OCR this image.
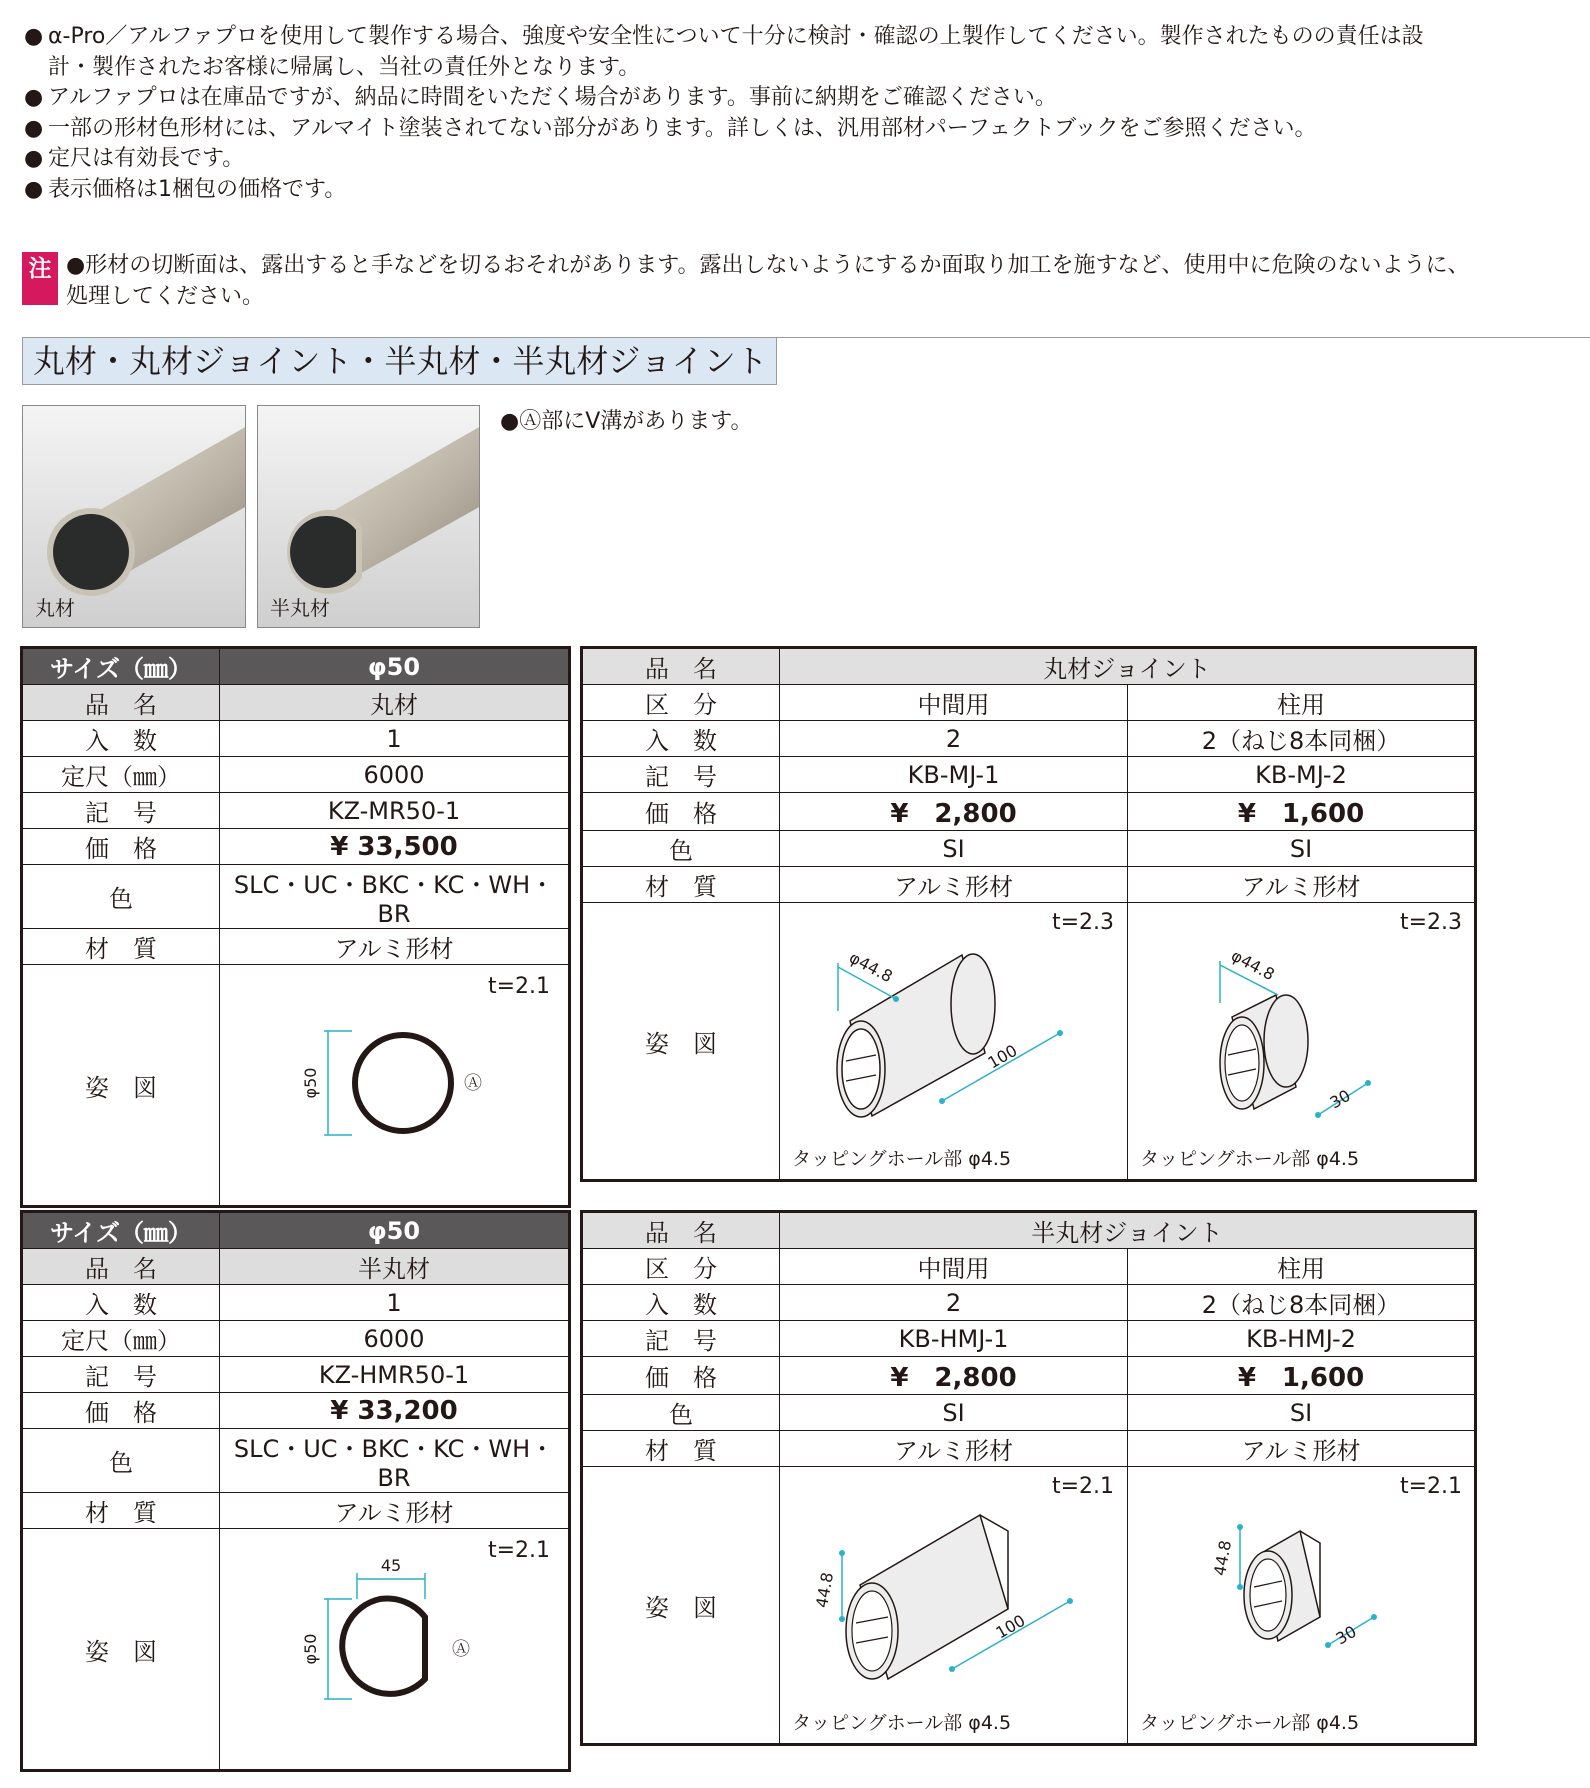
● α-Pro／アルファプロを使用して製作する場合、強度や安全性について十分に検討・確認の上製作してください。製作されたものの責任は設計・製作されたお客様に帰属し、当社の責任外となります。
● アルファプロは在庫品ですが、納品に時間をいただく場合があります。事前に納期をご確認ください。
● 一部の形材色形材には、アルマイト塗装されてない部分があります。詳しくは、汎用部材パーフェクトブックをご参照ください。
● 定尺は有効長です。
● 表示価格は1梱包の価格です。
注 ●形材の切断面は、露出すると手などを切るおそれがあります。露出しないようにするか面取り加工を施すなど、使用中に危険のないように、処理してください。
丸材・丸材ジョイント・半丸材・半丸材ジョイント
丸材	半丸材
●Ⓐ部にV溝があります。
サイズ（㎜）	φ50
品　名	丸材
入　数	1
定尺（㎜）	6000
記　号	KZ-MR50-1
価　格	¥ 33,500
色	SLC・UC・BKC・KC・WH・BR
材　質	アルミ形材
姿　図	t=2.1
φ50 Ⓐ
品　名	丸材ジョイント	
区　分	中間用	柱用
入　数	2	2（ねじ8本同梱）
記　号	KB-MJ-1	KB-MJ-2
価　格	¥　2,800	¥　1,600
色	SI	SI
材　質	アルミ形材	アルミ形材
姿　図	t=2.3
φ44.8
100
タッピングホール部 φ4.5	t=2.3
φ44.8
30
タッピングホール部 φ4.5
サイズ（㎜）	φ50
品　名	半丸材
入　数	1
定尺（㎜）	6000
記　号	KZ-HMR50-1
価　格	¥ 33,200
色	SLC・UC・BKC・KC・WH・BR
材　質	アルミ形材
姿　図	t=2.1
45
φ50 Ⓐ
品　名	半丸材ジョイント	
区　分	中間用	柱用
入　数	2	2（ねじ8本同梱）
記　号	KB-HMJ-1	KB-HMJ-2
価　格	¥　2,800	¥　1,600
色	SI	SI
材　質	アルミ形材	アルミ形材
姿　図	t=2.1
44.8
100
タッピングホール部 φ4.5	t=2.1
44.8
30
タッピングホール部 φ4.5
